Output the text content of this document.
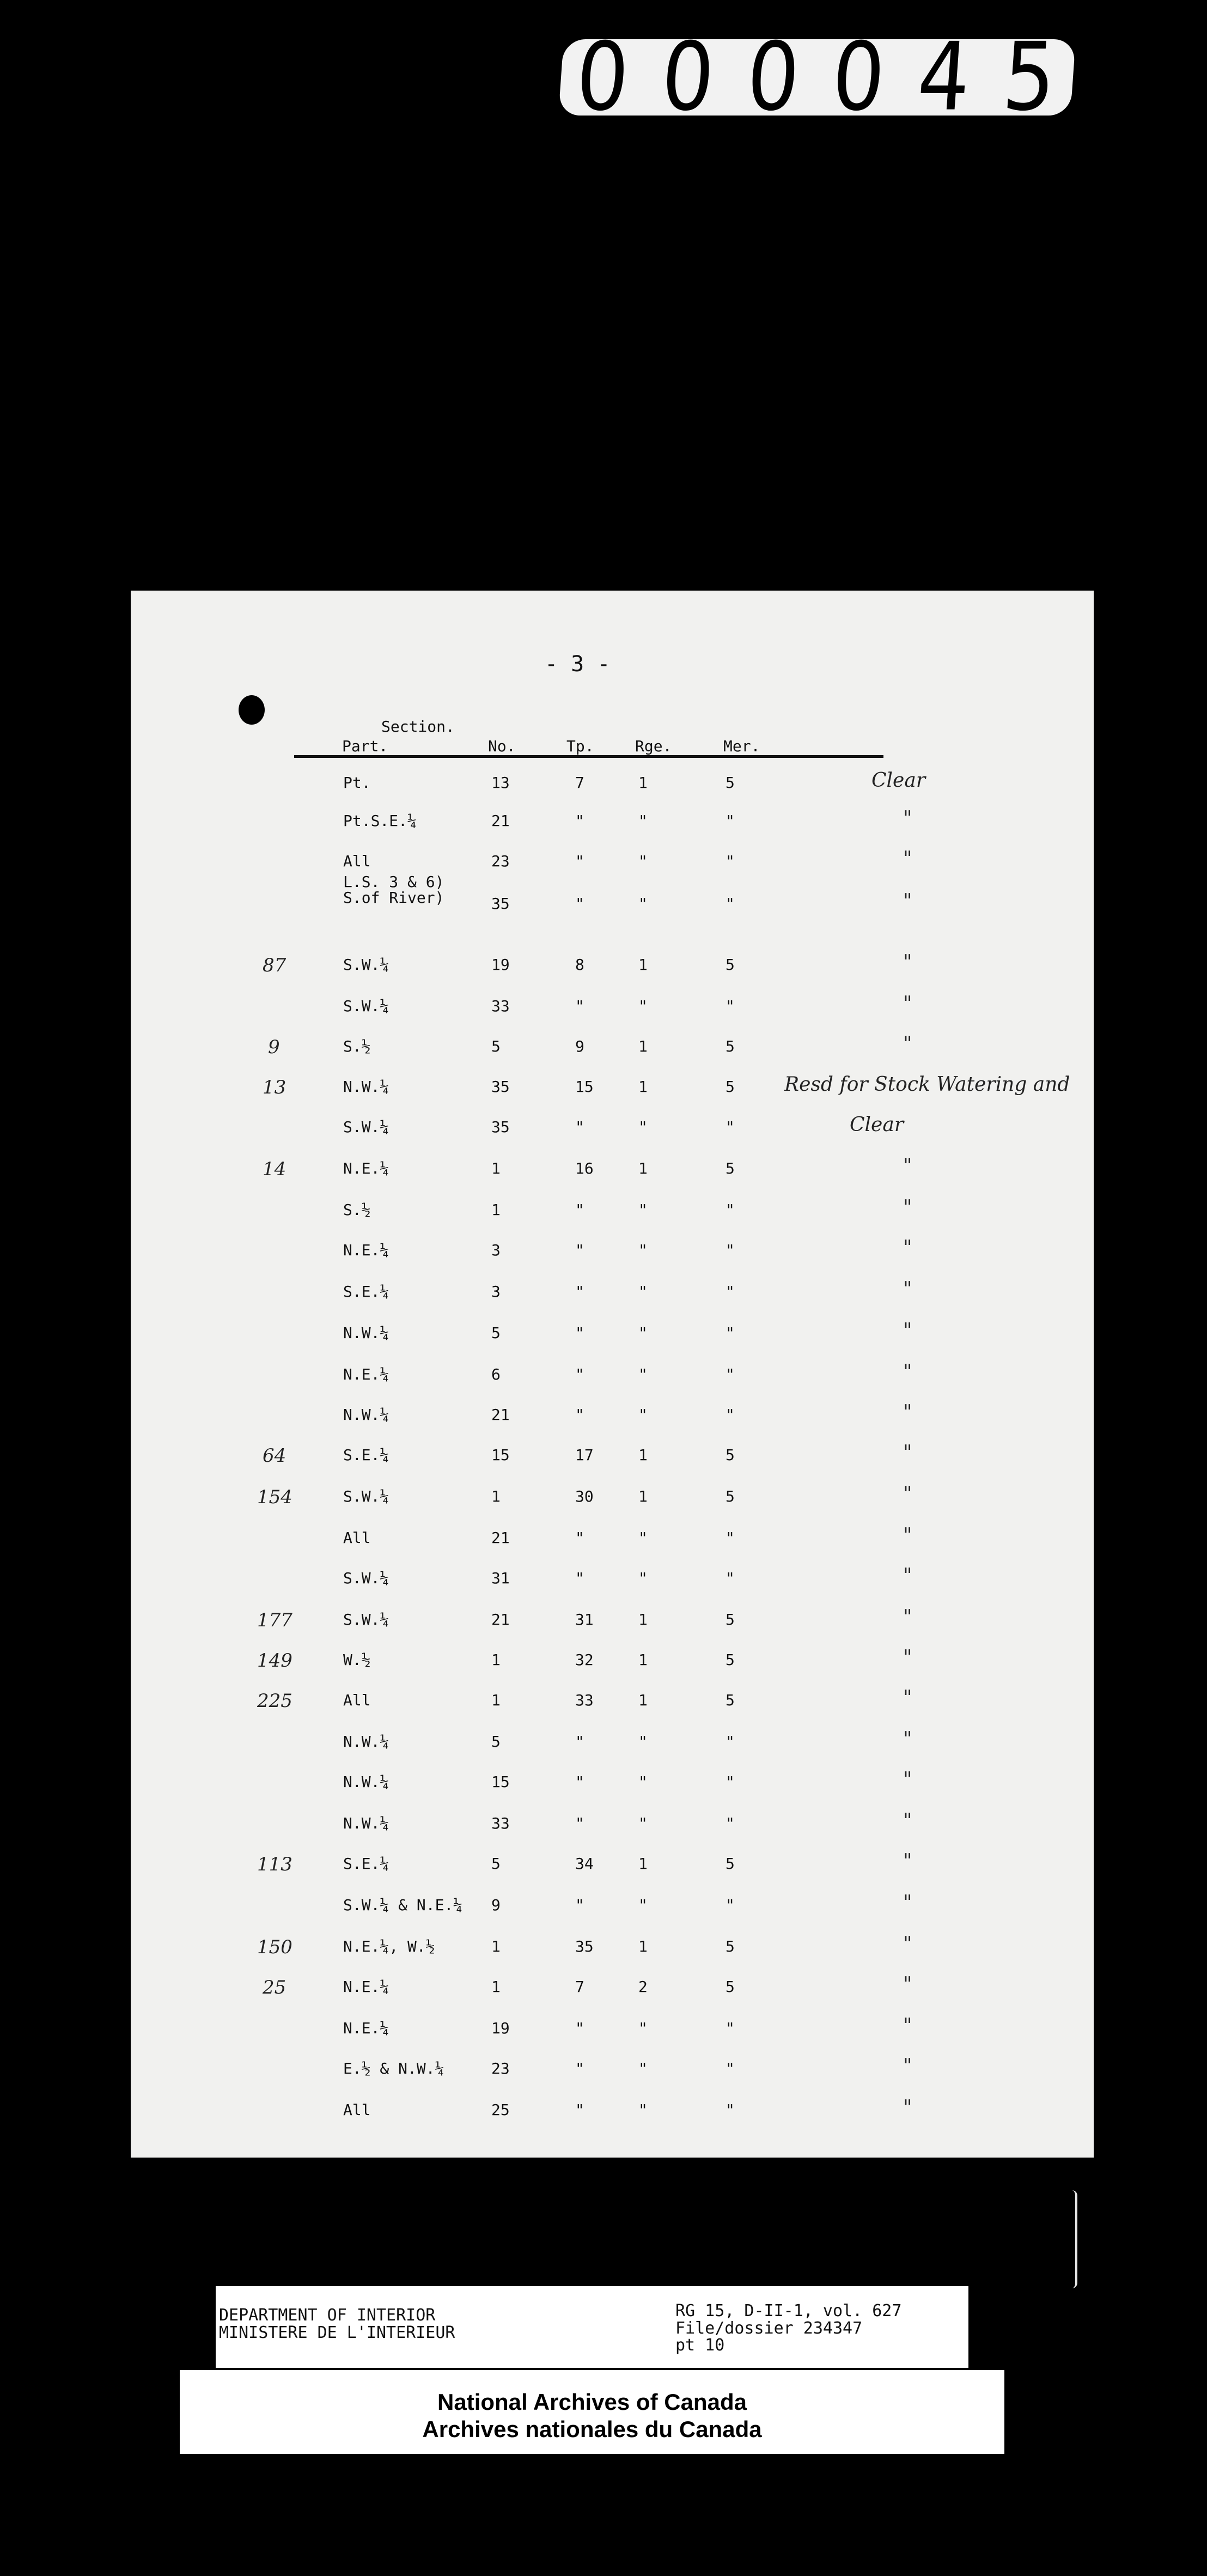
0 0 0 0 4 5
- 3 -
Section.
Part.	No.	Tp.	Rge.	Mer.
Pt.	13	7	1	5	Clear
Pt.S.E.¼	21	"	"	"	"
All	23	"	"	"	"
L.S. 3 & 6)
S.of River)	35	"	"	"	"
87	S.W.¼	19	8	1	5	"
S.W.¼	33	"	"	"	"
9	S.½	5	9	1	5	"
13	N.W.¼	35	15	1	5	Resd for Stock Watering and
S.W.¼	35	"	"	"	Clear
14	N.E.¼	1	16	1	5	"
S.½	1	"	"	"	"
N.E.¼	3	"	"	"	"
S.E.¼	3	"	"	"	"
N.W.¼	5	"	"	"	"
N.E.¼	6	"	"	"	"
N.W.¼	21	"	"	"	"
64	S.E.¼	15	17	1	5	"
154	S.W.¼	1	30	1	5	"
All	21	"	"	"	"
S.W.¼	31	"	"	"	"
177	S.W.¼	21	31	1	5	"
149	W.½	1	32	1	5	"
225	All	1	33	1	5	"
N.W.¼	5	"	"	"	"
N.W.¼	15	"	"	"	"
N.W.¼	33	"	"	"	"
113	S.E.¼	5	34	1	5	"
S.W.¼ & N.E.¼ 9	"	"	"	"
150	N.E.¼, W.½	1	35	1	5	"
25	N.E.¼	1	7	2	5	"
N.E.¼	19	"	"	"	"
E.½ & N.W.¼	23	"	"	"	"
All	25	"	"	"	"
DEPARTMENT OF INTERIOR
MINISTERE DE L'INTERIEUR
RG 15, D-II-1, vol. 627
File/dossier 234347
pt 10
National Archives of Canada
Archives nationales du Canada
